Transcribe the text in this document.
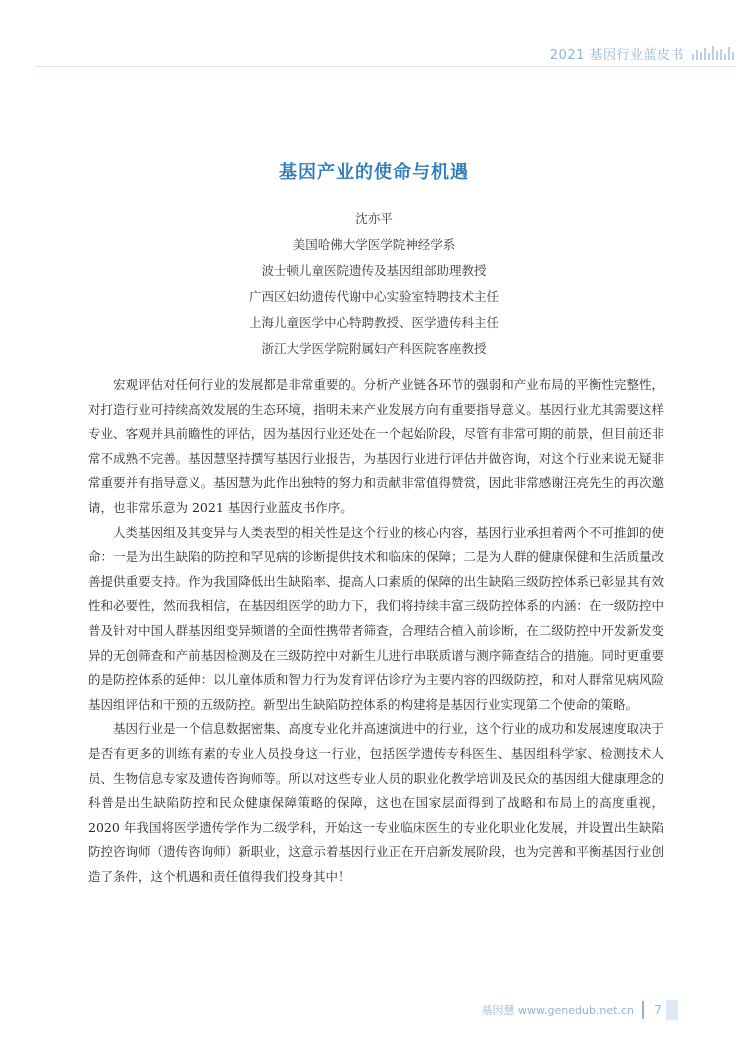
2021 基因行业蓝皮书
基因产业的使命与机遇
沈亦平
美国哈佛大学医学院神经学系
波士顿儿童医院遗传及基因组部助理教授
广西区妇幼遗传代谢中心实验室特聘技术主任
上海儿童医学中心特聘教授、医学遗传科主任
浙江大学医学院附属妇产科医院客座教授

宏观评估对任何行业的发展都是非常重要的。分析产业链各环节的强弱和产业布局的平衡性完整性，对打造行业可持续高效发展的生态环境，指明未来产业发展方向有重要指导意义。基因行业尤其需要这样专业、客观并具前瞻性的评估，因为基因行业还处在一个起始阶段，尽管有非常可期的前景，但目前还非常不成熟不完善。基因慧坚持撰写基因行业报告，为基因行业进行评估并做咨询，对这个行业来说无疑非常重要并有指导意义。基因慧为此作出独特的努力和贡献非常值得赞赏，因此非常感谢汪亮先生的再次邀请，也非常乐意为 2021 基因行业蓝皮书作序。

人类基因组及其变异与人类表型的相关性是这个行业的核心内容，基因行业承担着两个不可推卸的使命：一是为出生缺陷的防控和罕见病的诊断提供技术和临床的保障；二是为人群的健康保健和生活质量改善提供重要支持。作为我国降低出生缺陷率、提高人口素质的保障的出生缺陷三级防控体系已彰显其有效性和必要性，然而我相信，在基因组医学的助力下，我们将持续丰富三级防控体系的内涵：在一级防控中普及针对中国人群基因组变异频谱的全面性携带者筛查，合理结合植入前诊断，在二级防控中开发新发变异的无创筛查和产前基因检测及在三级防控中对新生儿进行串联质谱与测序筛查结合的措施。同时更重要的是防控体系的延伸：以儿童体质和智力行为发育评估诊疗为主要内容的四级防控，和对人群常见病风险基因组评估和干预的五级防控。新型出生缺陷防控体系的构建将是基因行业实现第二个使命的策略。

基因行业是一个信息数据密集、高度专业化并高速演进中的行业，这个行业的成功和发展速度取决于是否有更多的训练有素的专业人员投身这一行业，包括医学遗传专科医生、基因组科学家、检测技术人员、生物信息专家及遗传咨询师等。所以对这些专业人员的职业化教学培训及民众的基因组大健康理念的科普是出生缺陷防控和民众健康保障策略的保障，这也在国家层面得到了战略和布局上的高度重视，2020 年我国将医学遗传学作为二级学科，开始这一专业临床医生的专业化职业化发展，并设置出生缺陷防控咨询师（遗传咨询师）新职业，这意示着基因行业正在开启新发展阶段，也为完善和平衡基因行业创造了条件，这个机遇和责任值得我们投身其中！

基因慧 www.genedub.net.cn	7
